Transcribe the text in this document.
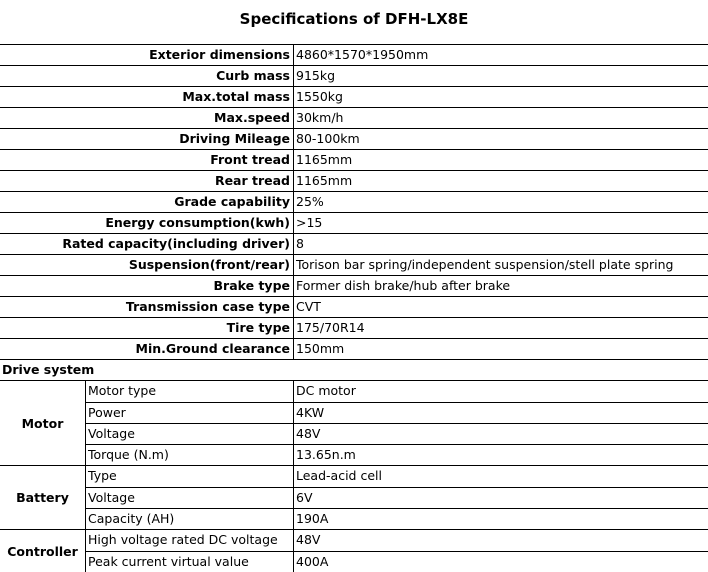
Specifications of DFH-LX8E
Exterior dimensions 4860*1570*1950mm
Curb mass 915kg
Max.total mass 1550kg
Max.speed 30km/h
Driving Mileage 80-100km
Front tread 1165mm
Rear tread 1165mm
Grade capability 25%
Energy consumption(kwh) >15
Rated capacity(including driver) 8
Suspension(front/rear) Torison bar spring/independent suspension/stell plate spring
Brake type Former dish brake/hub after brake
Transmission case type CVT
Tire type 175/70R14
Min.Ground clearance 150mm
Drive system
Motor
Motor type	DC motor
Power	4KW
Voltage	48V
Torque (N.m)	13.65n.m
Battery
Type	Lead-acid cell
Voltage	6V
Capacity (AH)	190A
Controller
High voltage rated DC voltage	48V
Peak current virtual value	400A
